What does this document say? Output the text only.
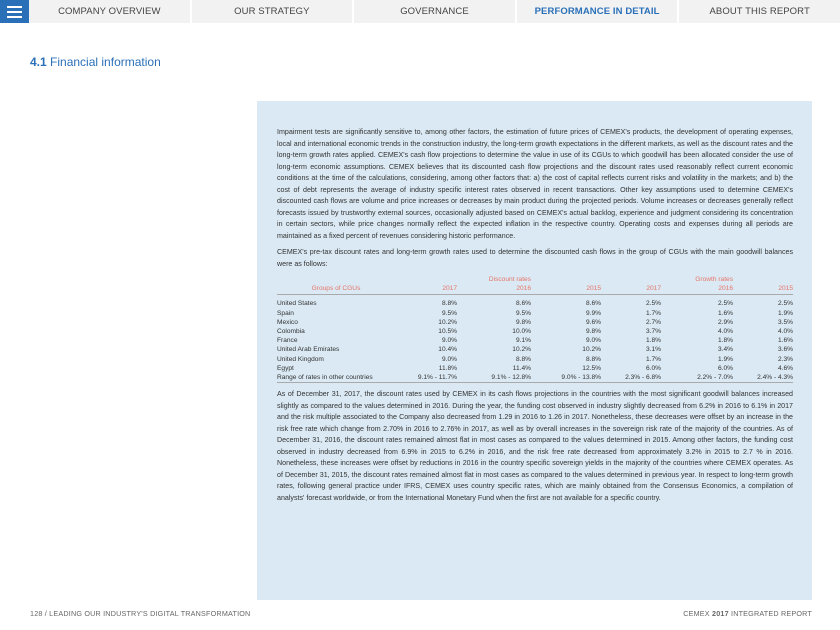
COMPANY OVERVIEW	OUR STRATEGY	GOVERNANCE	PERFORMANCE IN DETAIL	ABOUT THIS REPORT
4.1 Financial information

Impairment tests are significantly sensitive to, among other factors, the estimation of future prices of CEMEX's products, the development of operating expenses, local and international economic trends in the construction industry, the long-term growth expectations in the different markets, as well as the discount rates and the long-term growth rates applied. CEMEX's cash flow projections to determine the value in use of its CGUs to which goodwill has been allocated consider the use of long-term economic assumptions. CEMEX believes that its discounted cash flow projections and the discount rates used reasonably reflect current economic conditions at the time of the calculations, considering, among other factors that: a) the cost of capital reflects current risks and volatility in the markets; and b) the cost of debt represents the average of industry specific interest rates observed in recent transactions. Other key assumptions used to determine CEMEX's discounted cash flows are volume and price increases or decreases by main product during the projected periods. Volume increases or decreases generally reflect forecasts issued by trustworthy external sources, occasionally adjusted based on CEMEX's actual backlog, experience and judgment considering its concentration in certain sectors, while price changes normally reflect the expected inflation in the respective country. Operating costs and expenses during all periods are maintained as a fixed percent of revenues considering historic performance.

CEMEX's pre-tax discount rates and long-term growth rates used to determine the discounted cash flows in the group of CGUs with the main goodwill balances were as follows:

		Discount rates			Growth rates	
Groups of CGUs	2017	2016	2015	2017	2016	2015

United States	8.8%	8.6%	8.6%	2.5%	2.5%	2.5%
Spain	9.5%	9.5%	9.9%	1.7%	1.6%	1.9%
Mexico	10.2%	9.8%	9.6%	2.7%	2.9%	3.5%
Colombia	10.5%	10.0%	9.8%	3.7%	4.0%	4.0%
France	9.0%	9.1%	9.0%	1.8%	1.8%	1.6%
United Arab Emirates	10.4%	10.2%	10.2%	3.1%	3.4%	3.6%
United Kingdom	9.0%	8.8%	8.8%	1.7%	1.9%	2.3%
Egypt	11.8%	11.4%	12.5%	6.0%	6.0%	4.6%
Range of rates in other countries	9.1% - 11.7%	9.1% - 12.8%	9.0% - 13.8%	2.3% - 6.8%	2.2% - 7.0%	2.4% - 4.3%

As of December 31, 2017, the discount rates used by CEMEX in its cash flows projections in the countries with the most significant goodwill balances increased slightly as compared to the values determined in 2016. During the year, the funding cost observed in industry slightly decreased from 6.2% in 2016 to 6.1% in 2017 and the risk multiple associated to the Company also decreased from 1.29 in 2016 to 1.26 in 2017. Nonetheless, these decreases were offset by an increase in the risk free rate which change from 2.70% in 2016 to 2.76% in 2017, as well as by overall increases in the sovereign risk rate of the majority of the countries. As of December 31, 2016, the discount rates remained almost flat in most cases as compared to the values determined in 2015. Among other factors, the funding cost observed in industry decreased from 6.9% in 2015 to 6.2% in 2016, and the risk free rate decreased from approximately 3.2% in 2015 to 2.7 % in 2016. Nonetheless, these increases were offset by reductions in 2016 in the country specific sovereign yields in the majority of the countries where CEMEX operates. As of December 31, 2015, the discount rates remained almost flat in most cases as compared to the values determined in previous year. In respect to long-term growth rates, following general practice under IFRS, CEMEX uses country specific rates, which are mainly obtained from the Consensus Economics, a compilation of analysts' forecast worldwide, or from the International Monetary Fund when the first are not available for a specific country.

128 / LEADING OUR INDUSTRY'S DIGITAL TRANSFORMATION	CEMEX 2017 INTEGRATED REPORT
